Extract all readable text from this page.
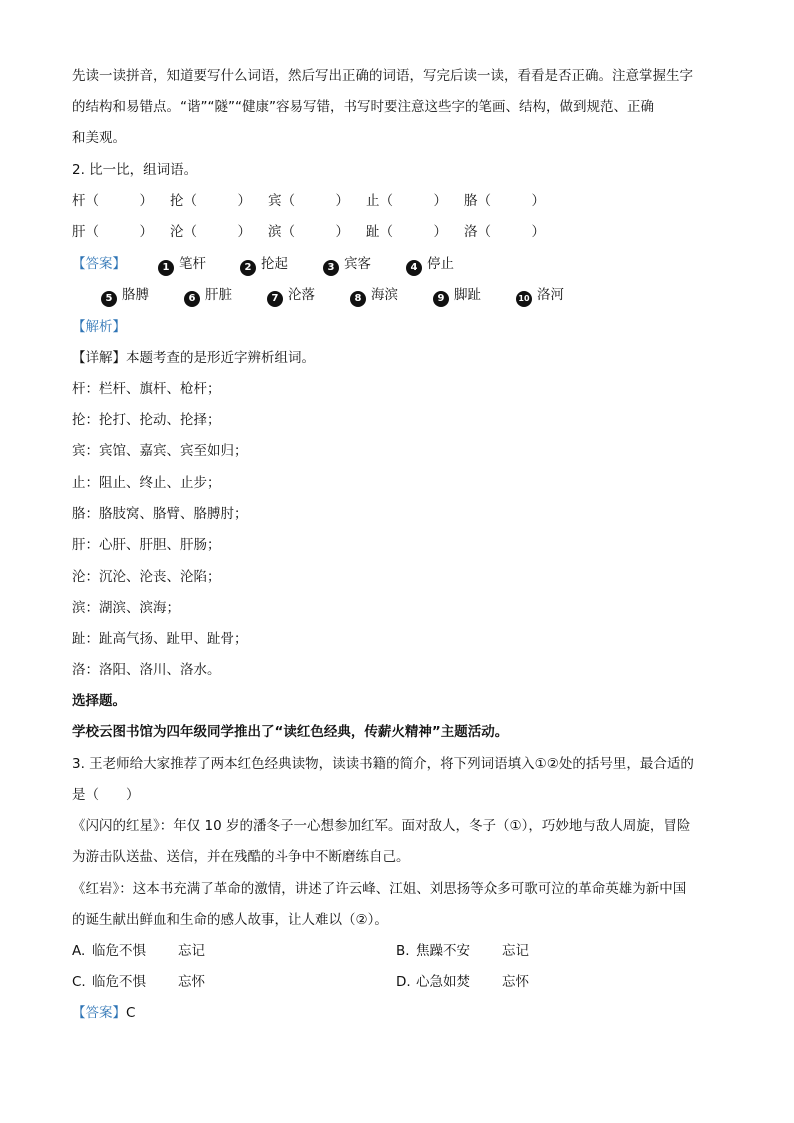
先读一读拼音，知道要写什么词语，然后写出正确的词语，写完后读一读，看看是否正确。注意掌握生字
的结构和易错点。“谐”“隧”“健康”容易写错，书写时要注意这些字的笔画、结构，做到规范、正确
和美观。
2. 比一比，组词语。
杆（　　　） 抡（　　　） 宾（　　　） 止（　　　） 胳（　　　）
肝（　　　） 沦（　　　） 滨（　　　） 趾（　　　） 洛（　　　）
【答案】	1 笔杆	2 抡起	3 宾客	4 停止
5 胳膊	6 肝脏	7 沦落	8 海滨	9 脚趾	10 洛河
【解析】
【详解】本题考查的是形近字辨析组词。
杆：栏杆、旗杆、枪杆；
抡：抡打、抡动、抡择；
宾：宾馆、嘉宾、宾至如归；
止：阻止、终止、止步；
胳：胳肢窝、胳臂、胳膊肘；
肝：心肝、肝胆、肝肠；
沦：沉沦、沦丧、沦陷；
滨：湖滨、滨海；
趾：趾高气扬、趾甲、趾骨；
洛：洛阳、洛川、洛水。
选择题。
学校云图书馆为四年级同学推出了“读红色经典，传薪火精神”主题活动。
3. 王老师给大家推荐了两本红色经典读物，读读书籍的简介，将下列词语填入①②处的括号里，最合适的
是（　　）
《闪闪的红星》：年仅 10 岁的潘冬子一心想参加红军。面对敌人，冬子（①），巧妙地与敌人周旋，冒险
为游击队送盐、送信，并在残酷的斗争中不断磨练自己。
《红岩》：这本书充满了革命的激情，讲述了许云峰、江姐、刘思扬等众多可歌可泣的革命英雄为新中国
的诞生献出鲜血和生命的感人故事，让人难以（②）。
A. 临危不惧 忘记	B. 焦躁不安 忘记
C. 临危不惧 忘怀	D. 心急如焚 忘怀
【答案】C
